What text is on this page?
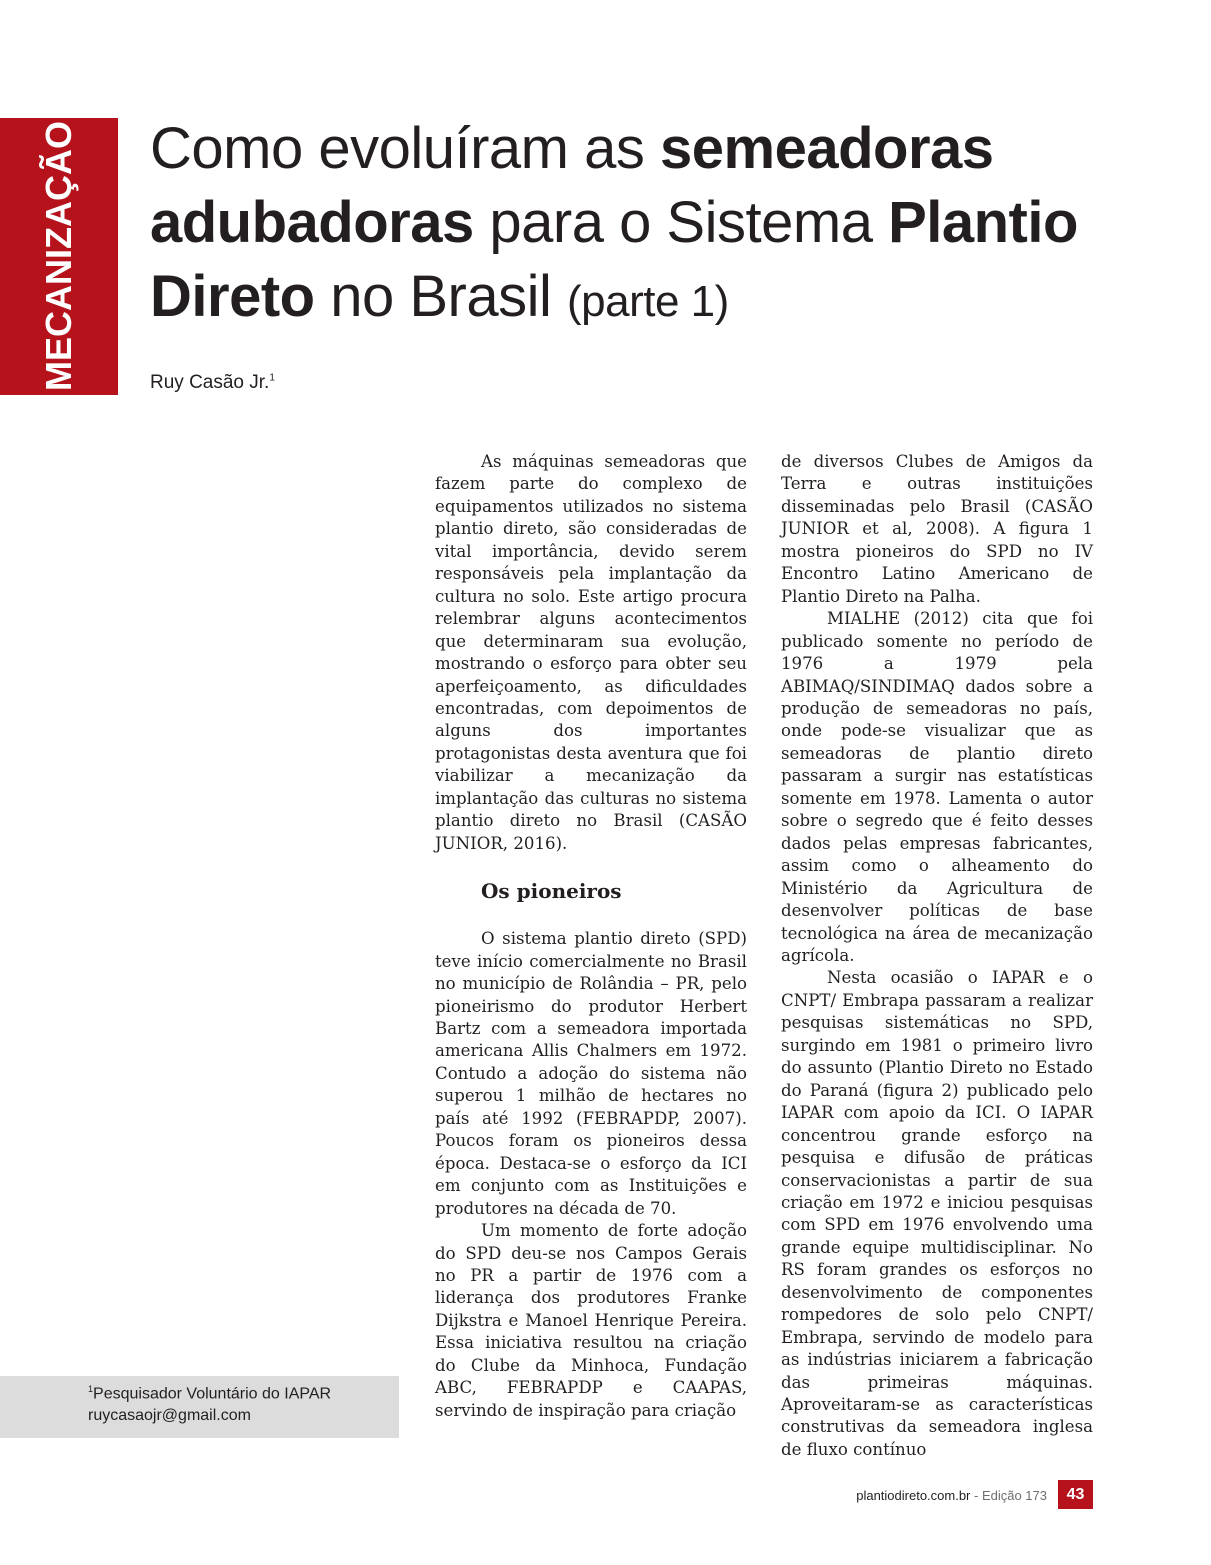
MECANIZAÇÃO Como evoluíram as semeadoras adubadoras para o Sistema Plantio Direto no Brasil (parte 1)
Ruy Casão Jr.$^1$

As máquinas semeadoras que fazem parte do complexo de equipamentos utilizados no sistema plantio direto, são consideradas de vital importância, devido serem responsáveis pela implantação da cultura no solo. Este artigo procura relembrar alguns acontecimentos que determinaram sua evolução, mostrando o esforço para obter seu aperfeiçoamento, as dificuldades encontradas, com depoimentos de alguns dos importantes protagonistas desta aventura que foi viabilizar a mecanização da implantação das culturas no sistema plantio direto no Brasil (CASÃO JUNIOR, 2016).

Os pioneiros

O sistema plantio direto (SPD) teve início comercialmente no Brasil no município de Rolândia – PR, pelo pioneirismo do produtor Herbert Bartz com a semeadora importada americana Allis Chalmers em 1972. Contudo a adoção do sistema não superou 1 milhão de hectares no país até 1992 (FEBRAPDP, 2007). Poucos foram os pioneiros dessa época. Destaca-se o esforço da ICI em conjunto com as Instituições e produtores na década de 70.

Um momento de forte adoção do SPD deu-se nos Campos Gerais no PR a partir de 1976 com a liderança dos produtores Franke Dijkstra e Manoel Henrique Pereira. Essa iniciativa resultou na criação do Clube da Minhoca, Fundação ABC, FEBRAPDP e CAAPAS, servindo de inspiração para criação

de diversos Clubes de Amigos da Terra e outras instituições disseminadas pelo Brasil (CASÃO JUNIOR et al, 2008). A figura 1 mostra pioneiros do SPD no IV Encontro Latino Americano de Plantio Direto na Palha.

MIALHE (2012) cita que foi publicado somente no período de 1976 a 1979 pela ABIMAQ/SINDIMAQ dados sobre a produção de semeadoras no país, onde pode-se visualizar que as semeadoras de plantio direto passaram a surgir nas estatísticas somente em 1978. Lamenta o autor sobre o segredo que é feito desses dados pelas empresas fabricantes, assim como o alheamento do Ministério da Agricultura de desenvolver políticas de base tecnológica na área de mecanização agrícola.

Nesta ocasião o IAPAR e o CNPT/ Embrapa passaram a realizar pesquisas sistemáticas no SPD, surgindo em 1981 o primeiro livro do assunto (Plantio Direto no Estado do Paraná (figura 2) publicado pelo IAPAR com apoio da ICI. O IAPAR concentrou grande esforço na pesquisa e difusão de práticas conservacionistas a partir de sua criação em 1972 e iniciou pesquisas com SPD em 1976 envolvendo uma grande equipe multidisciplinar. No RS foram grandes os esforços no desenvolvimento de componentes rompedores de solo pelo CNPT/ Embrapa, servindo de modelo para as indústrias iniciarem a fabricação das primeiras máquinas. Aproveitaram-se as características construtivas da semeadora inglesa de fluxo contínuo

$^1$Pesquisador Voluntário do IAPAR
ruycasaojr@gmail.com
plantiodireto.com.br - Edição 173	43
